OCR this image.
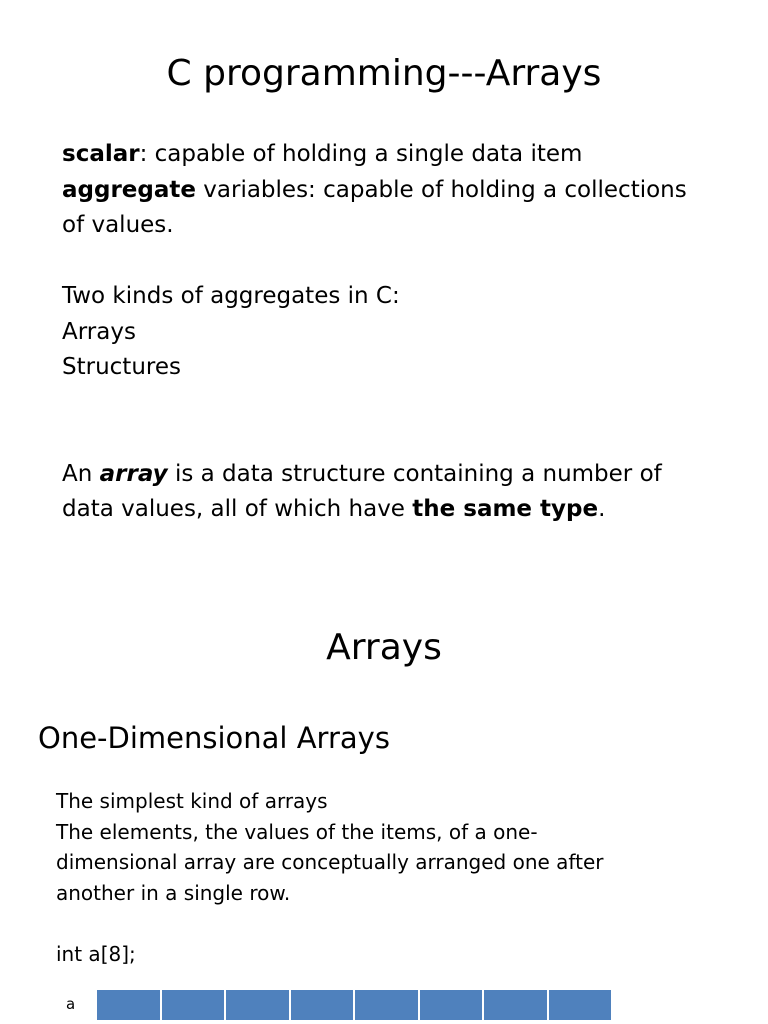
C programming---Arrays
scalar: capable of holding a single data item
aggregate variables: capable of holding a collections
of values.
Two kinds of aggregates in C:
Arrays
Structures
An array is a data structure containing a number of
data values, all of which have the same type.
Arrays
One-Dimensional Arrays
The simplest kind of arrays
The elements, the values of the items, of a one-
dimensional array are conceptually arranged one after
another in a single row.
int a[8];
a
